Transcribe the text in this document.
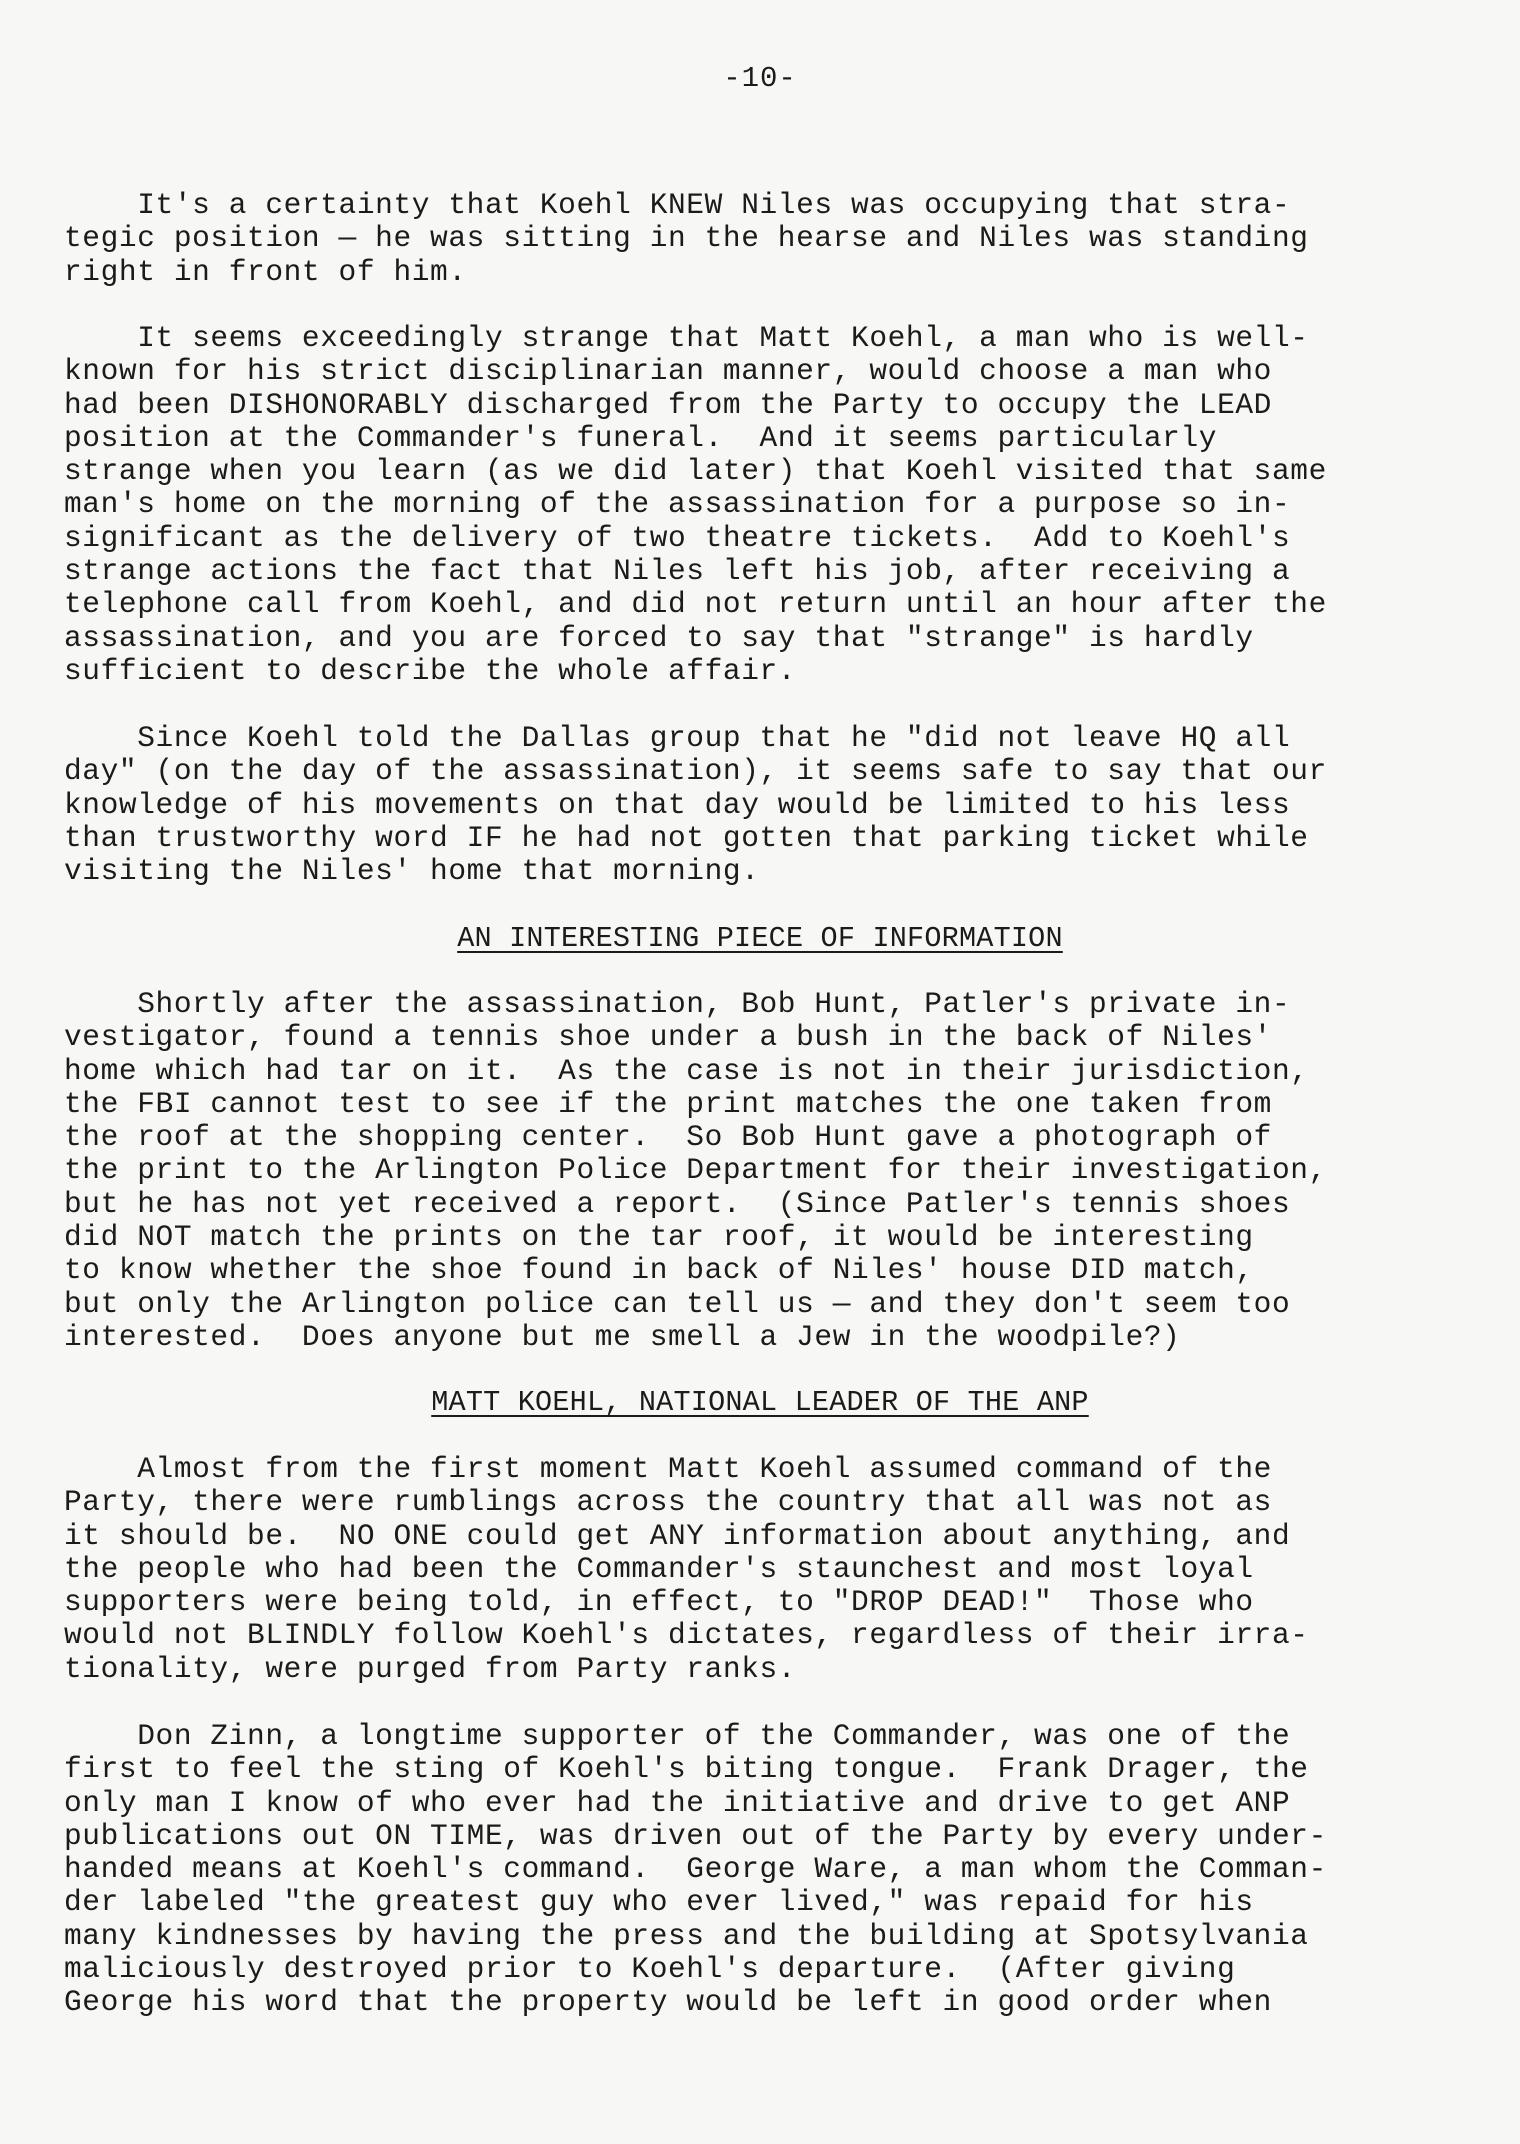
-10-

It's a certainty that Koehl KNEW Niles was occupying that stra-
tegic position — he was sitting in the hearse and Niles was standing
right in front of him.

It seems exceedingly strange that Matt Koehl, a man who is well-
known for his strict disciplinarian manner, would choose a man who
had been DISHONORABLY discharged from the Party to occupy the LEAD
position at the Commander's funeral.  And it seems particularly
strange when you learn (as we did later) that Koehl visited that same
man's home on the morning of the assassination for a purpose so in-
significant as the delivery of two theatre tickets.  Add to Koehl's
strange actions the fact that Niles left his job, after receiving a
telephone call from Koehl, and did not return until an hour after the
assassination, and you are forced to say that "strange" is hardly
sufficient to describe the whole affair.

Since Koehl told the Dallas group that he "did not leave HQ all
day" (on the day of the assassination), it seems safe to say that our
knowledge of his movements on that day would be limited to his less
than trustworthy word IF he had not gotten that parking ticket while
visiting the Niles' home that morning.

AN INTERESTING PIECE OF INFORMATION

Shortly after the assassination, Bob Hunt, Patler's private in-
vestigator, found a tennis shoe under a bush in the back of Niles'
home which had tar on it.  As the case is not in their jurisdiction,
the FBI cannot test to see if the print matches the one taken from
the roof at the shopping center.  So Bob Hunt gave a photograph of
the print to the Arlington Police Department for their investigation,
but he has not yet received a report.  (Since Patler's tennis shoes
did NOT match the prints on the tar roof, it would be interesting
to know whether the shoe found in back of Niles' house DID match,
but only the Arlington police can tell us — and they don't seem too
interested.  Does anyone but me smell a Jew in the woodpile?)

MATT KOEHL, NATIONAL LEADER OF THE ANP

Almost from the first moment Matt Koehl assumed command of the
Party, there were rumblings across the country that all was not as
it should be.  NO ONE could get ANY information about anything, and
the people who had been the Commander's staunchest and most loyal
supporters were being told, in effect, to "DROP DEAD!"  Those who
would not BLINDLY follow Koehl's dictates, regardless of their irra-
tionality, were purged from Party ranks.

Don Zinn, a longtime supporter of the Commander, was one of the
first to feel the sting of Koehl's biting tongue.  Frank Drager, the
only man I know of who ever had the initiative and drive to get ANP
publications out ON TIME, was driven out of the Party by every under-
handed means at Koehl's command.  George Ware, a man whom the Comman-
der labeled "the greatest guy who ever lived," was repaid for his
many kindnesses by having the press and the building at Spotsylvania
maliciously destroyed prior to Koehl's departure.  (After giving
George his word that the property would be left in good order when
